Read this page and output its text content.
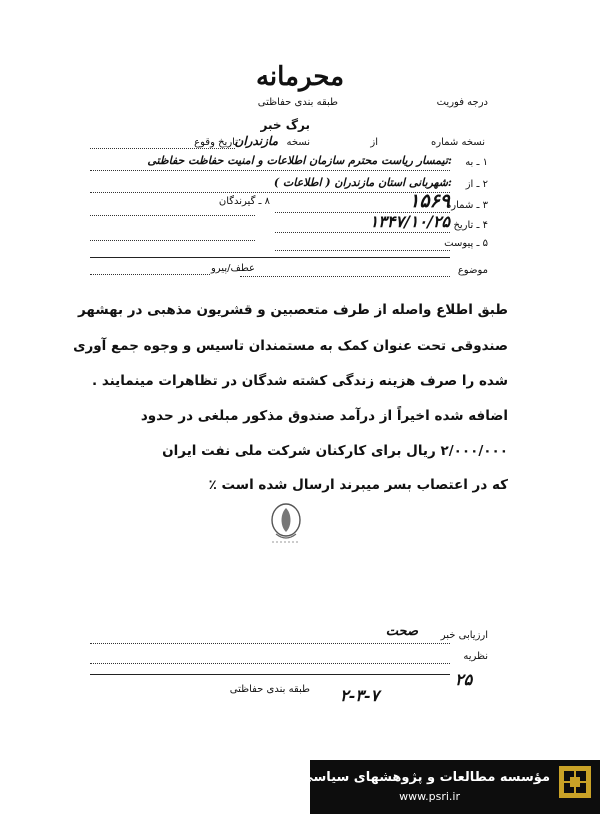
محرمانه
درجه فوریت
طبقه بندی حفاظتی
برگ خبر
نسخه شماره
از
نسخه
مازندران
تاریخ وقوع
۱ ـ به
:تیمسار ریاست محترم سازمان اطلاعات و امنیت حفاظت حفاظتی
۲ ـ از
:شهربانی استان مازندران ( اطلاعات )
۸ ـ گیرندگان	۳ ـ شماره
۱۵۶۹
۴ ـ تاریخ
۱۳۴۷/۱۰/۲۵
۵ ـ پیوست
موضوع
عطف/پیرو
طبق اطلاع واصله از طرف متعصبین و قشریون مذهبی در بهشهر
صندوقی تحت عنوان کمک به مستمندان تاسیس و وجوه جمع آوری
شده را صرف هزینه زندگی کشته شدگان در تظاهرات مینمایند .
اضافه شده اخیراً از درآمد صندوق مذکور مبلغی در حدود
۲/۰۰۰/۰۰۰ ریال برای کارکنان شرکت ملی نفت ایران
که در اعتصاب بسر میبرند ارسال شده است ٪
ارزیابی خبر
صحت
نظریه
طبقه بندی حفاظتی
۲۵
۲-۳-۷
مؤسسه مطالعات و پژوهشهای سیاسی
www.psri.ir
